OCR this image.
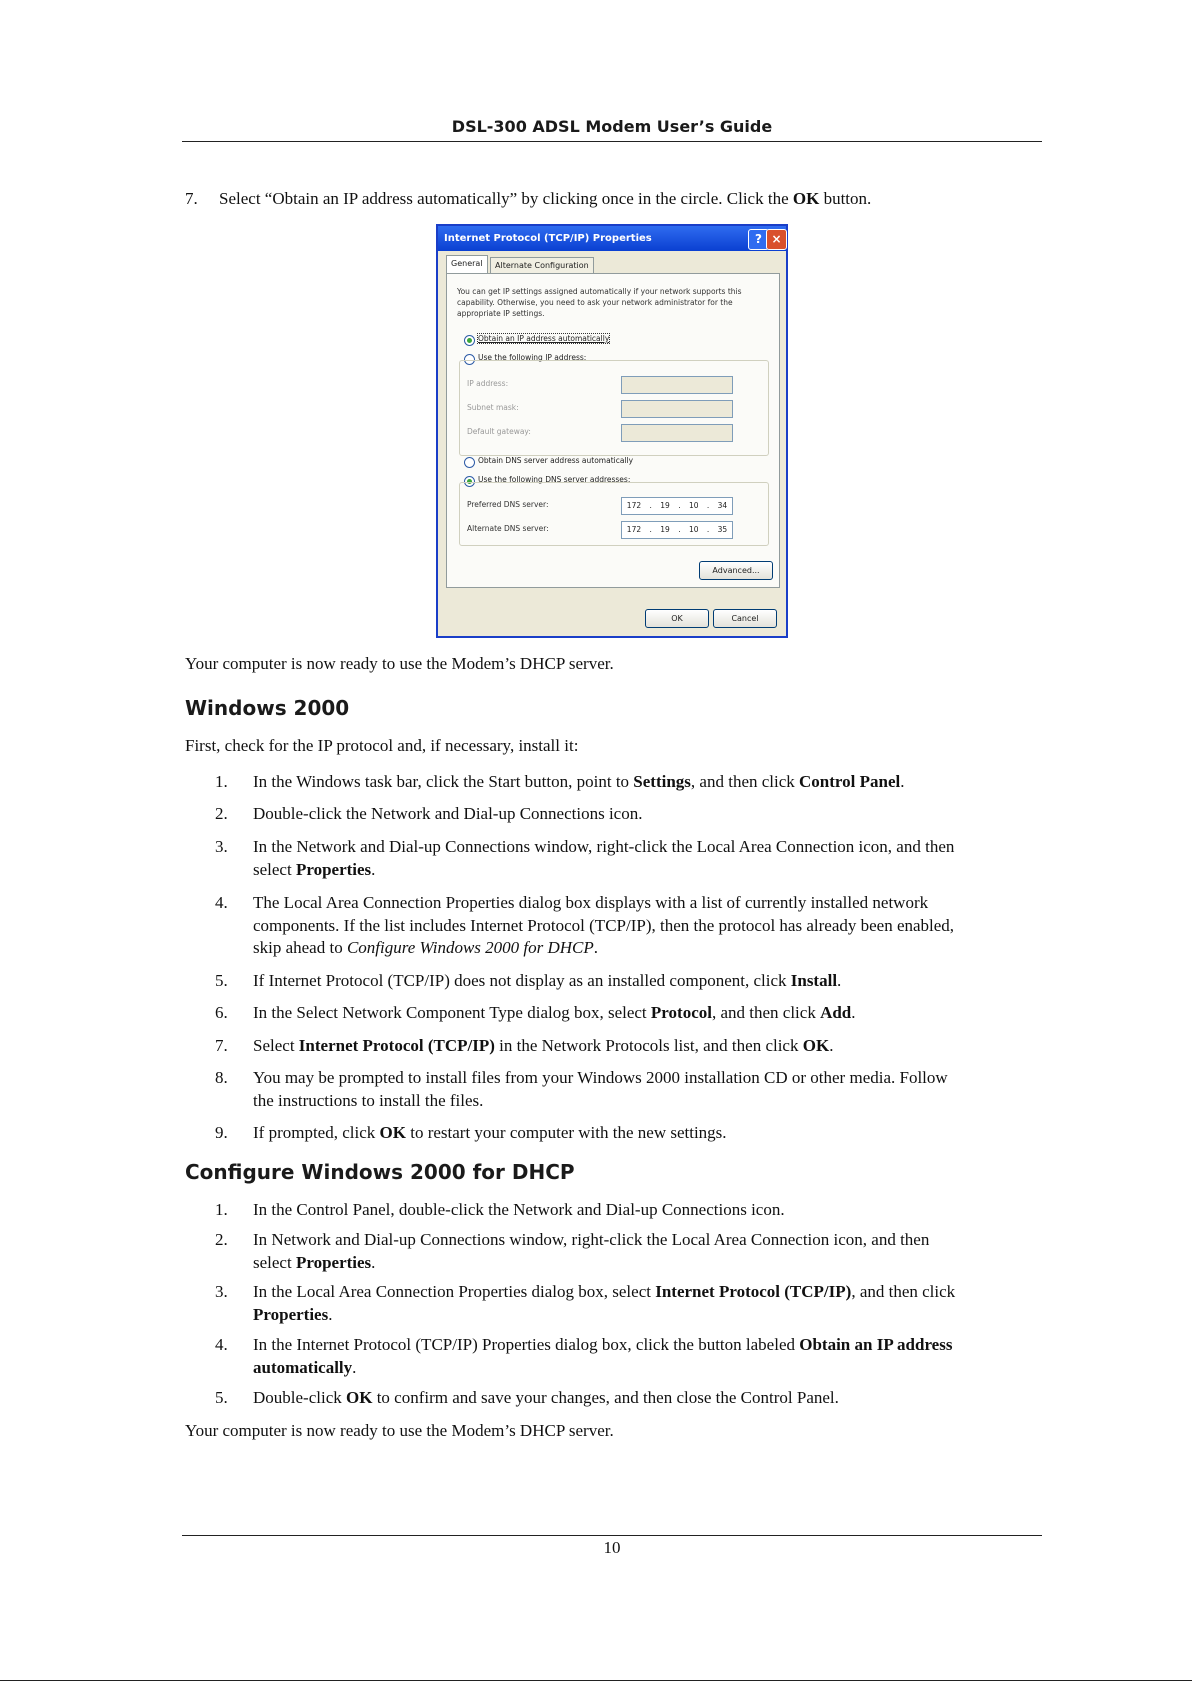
DSL-300 ADSL Modem User’s Guide
7. Select “Obtain an IP address automatically” by clicking once in the circle. Click the OK button.
Internet Protocol (TCP/IP) Properties	? ×
General	Alternate Configuration
You can get IP settings assigned automatically if your network supports this capability. Otherwise, you need to ask your network administrator for the appropriate IP settings.
Obtain an IP address automatically
Use the following IP address:
IP address:
Subnet mask:
Default gateway:
Obtain DNS server address automatically
Use the following DNS server addresses:
Preferred DNS server:	172 . 19 . 10 . 34
Alternate DNS server:	172 . 19 . 10 . 35
Advanced...
OK	Cancel
Your computer is now ready to use the Modem’s DHCP server.
Windows 2000
First, check for the IP protocol and, if necessary, install it:
1.	In the Windows task bar, click the Start button, point to Settings, and then click Control Panel.
2.	Double-click the Network and Dial-up Connections icon.
3.	In the Network and Dial-up Connections window, right-click the Local Area Connection icon, and then
select Properties.
4.	The Local Area Connection Properties dialog box displays with a list of currently installed network
components. If the list includes Internet Protocol (TCP/IP), then the protocol has already been enabled,
skip ahead to Configure Windows 2000 for DHCP.
5.	If Internet Protocol (TCP/IP) does not display as an installed component, click Install.
6.	In the Select Network Component Type dialog box, select Protocol, and then click Add.
7.	Select Internet Protocol (TCP/IP) in the Network Protocols list, and then click OK.
8.	You may be prompted to install files from your Windows 2000 installation CD or other media. Follow
the instructions to install the files.
9.	If prompted, click OK to restart your computer with the new settings.
Configure Windows 2000 for DHCP
1.	In the Control Panel, double-click the Network and Dial-up Connections icon.
2.	In Network and Dial-up Connections window, right-click the Local Area Connection icon, and then
select Properties.
3.	In the Local Area Connection Properties dialog box, select Internet Protocol (TCP/IP), and then click
Properties.
4.	In the Internet Protocol (TCP/IP) Properties dialog box, click the button labeled Obtain an IP address
automatically.
5.	Double-click OK to confirm and save your changes, and then close the Control Panel.
Your computer is now ready to use the Modem’s DHCP server.
10
